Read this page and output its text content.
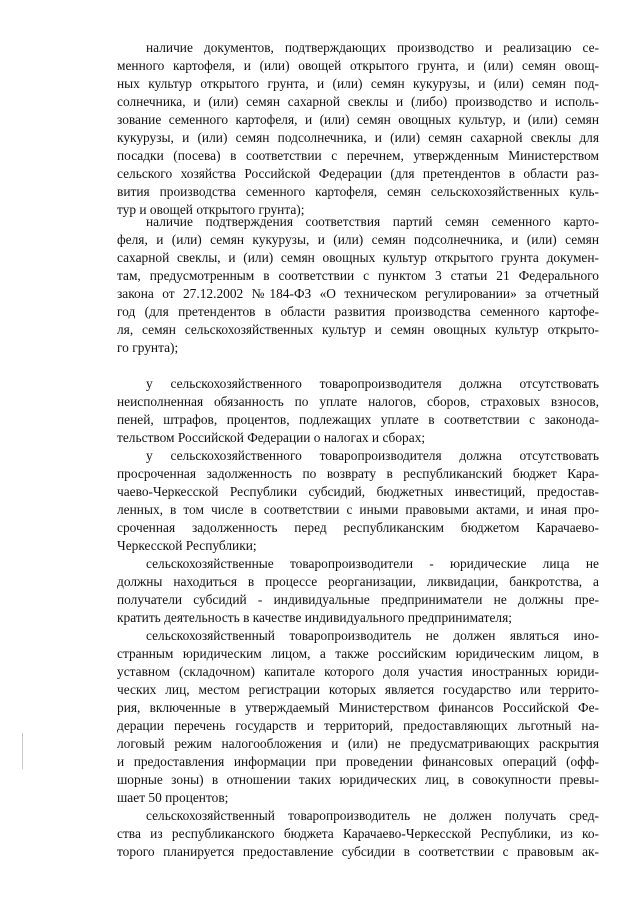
наличие документов, подтверждающих производство и реализацию се-
менного картофеля, и (или) овощей открытого грунта, и (или) семян овощ-
ных культур открытого грунта, и (или) семян кукурузы, и (или) семян под-
солнечника, и (или) семян сахарной свеклы и (либо) производство и исполь-
зование семенного картофеля, и (или) семян овощных культур, и (или) семян
кукурузы, и (или) семян подсолнечника, и (или) семян сахарной свеклы для
посадки (посева) в соответствии с перечнем, утвержденным Министерством
сельского хозяйства Российской Федерации (для претендентов в области раз-
вития производства семенного картофеля, семян сельскохозяйственных куль-
тур и овощей открытого грунта);
наличие подтверждения соответствия партий семян семенного карто-
феля, и (или) семян кукурузы, и (или) семян подсолнечника, и (или) семян
сахарной свеклы, и (или) семян овощных культур открытого грунта докумен-
там, предусмотренным в соответствии с пунктом 3 статьи 21 Федерального
закона от 27.12.2002 №184-ФЗ «О техническом регулировании» за отчетный
год (для претендентов в области развития производства семенного картофе-
ля, семян сельскохозяйственных культур и семян овощных культур открыто-
го грунта);
у сельскохозяйственного товаропроизводителя должна отсутствовать
неисполненная обязанность по уплате налогов, сборов, страховых взносов,
пеней, штрафов, процентов, подлежащих уплате в соответствии с законода-
тельством Российской Федерации о налогах и сборах;
у сельскохозяйственного товаропроизводителя должна отсутствовать
просроченная задолженность по возврату в республиканский бюджет Кара-
чаево-Черкесской Республики субсидий, бюджетных инвестиций, предостав-
ленных, в том числе в соответствии с иными правовыми актами, и иная про-
сроченная задолженность перед республиканским бюджетом Карачаево-
Черкесской Республики;
сельскохозяйственные товаропроизводители - юридические лица не
должны находиться в процессе реорганизации, ликвидации, банкротства, а
получатели субсидий - индивидуальные предприниматели не должны пре-
кратить деятельность в качестве индивидуального предпринимателя;
сельскохозяйственный товаропроизводитель не должен являться ино-
странным юридическим лицом, а также российским юридическим лицом, в
уставном (складочном) капитале которого доля участия иностранных юриди-
ческих лиц, местом регистрации которых является государство или террито-
рия, включенные в утверждаемый Министерством финансов Российской Фе-
дерации перечень государств и территорий, предоставляющих льготный на-
логовый режим налогообложения и (или) не предусматривающих раскрытия
и предоставления информации при проведении финансовых операций (офф-
шорные зоны) в отношении таких юридических лиц, в совокупности превы-
шает 50 процентов;
сельскохозяйственный товаропроизводитель не должен получать сред-
ства из республиканского бюджета Карачаево-Черкесской Республики, из ко-
торого планируется предоставление субсидии в соответствии с правовым ак-
